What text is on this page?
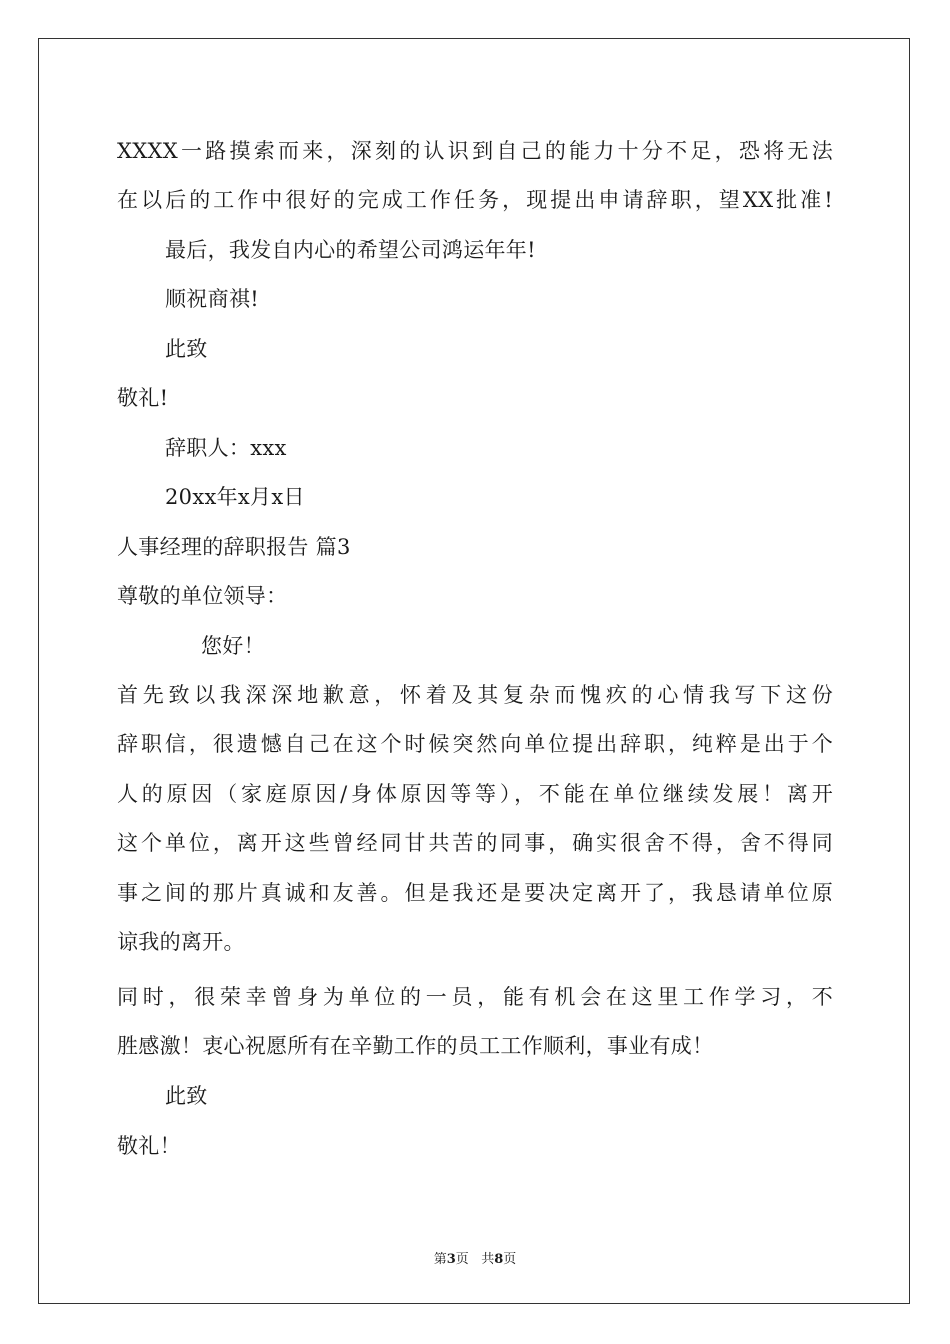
XXXX一路摸索而来，深刻的认识到自己的能力十分不足，恐将无法
在以后的工作中很好的完成工作任务，现提出申请辞职，望XX批准!
最后，我发自内心的希望公司鸿运年年!
顺祝商祺!
此致
敬礼!
辞职人：xxx
20xx年x月x日
人事经理的辞职报告 篇3
尊敬的单位领导：
您好！
首先致以我深深地歉意，怀着及其复杂而愧疚的心情我写下这份
辞职信，很遗憾自己在这个时候突然向单位提出辞职，纯粹是出于个
人的原因（家庭原因/身体原因等等），不能在单位继续发展！离开
这个单位，离开这些曾经同甘共苦的同事，确实很舍不得，舍不得同
事之间的那片真诚和友善。但是我还是要决定离开了，我恳请单位原
谅我的离开。
同时，很荣幸曾身为单位的一员，能有机会在这里工作学习，不
胜感激！衷心祝愿所有在辛勤工作的员工工作顺利，事业有成！
此致
敬礼！
第3页   共8页
